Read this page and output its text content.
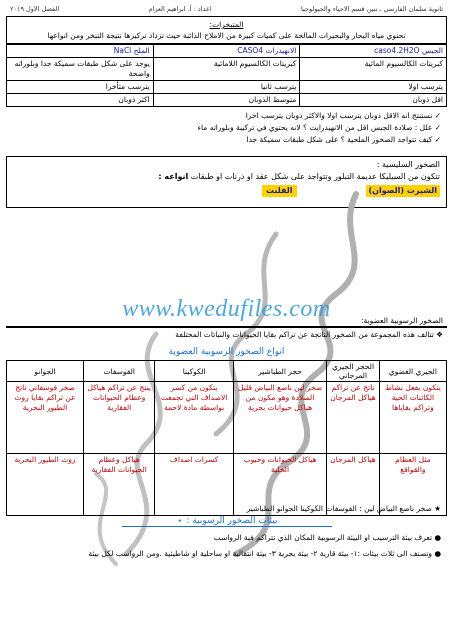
ثانوية سلمان الفارسي ـ بنين قسم الاحياء والجيولوجيا
اعداد : أ. ابراهيم العزام
الفصل الاول ٢٠١٩
المتبخرات:
تحتوي مياه البحار والبحيرات المالحة على كميات كبيرة من الاملاح الذائبة حيث تزداد تركيزها نتيجة التبخر ومن انواعها
الجبس caso4.2H2O	الانهيدرات CASO4	الملح NaCl
كبريتات الكالسيوم المائية	كبريتات الكالسيوم اللامائية	يوجد على شكل طبقات سميكة جدا وبلوراته واضحة
يترسب اولا	يترسب ثانيا	يترسب متأخرا
اقل ذوبان	متوسط الذوبان	اكثر ذوبان
✓ نستنتج انه الاقل ذوبان يترسب اولا والاكثر ذوبان يترسب اخرا
✓ علل : صلادة الجبس اقل من الانهيدرايت ؟ لانه يحتوي في تركيبة وبلوراته ماء
✓ كيف تتواجد الصخور الملحية ؟ على شكل طبقات سميكة جدا
الصخور السليسية :
تتكون من السيليكا عديمة التبلور وتتواجد على شكل عقد او درنات او طبقات انواعه :
الشيرت (الصوان)
الفلنت
www.kwedufiles.com	الصخور الرسوبية العضوية:
❖ تتالف هذه المجموعة من الصخور الناتجة عن تراكم بقايا الحيوانات والنباتات المختلفة
انواع الصخور الرسوبية العضوية
الجيري العضوي	الحجر الجيري المرجاني	حجر الطباشير	الكوكينا	الفوسفات	الجوانو
يتكون بفعل نشاط الكائنات الحية وتراكم بقاياها	ناتج عن تراكم هياكل المرجان	صخر لين ناصع البياض قليل الصلادة وهو مكون من هياكل حيوانات بحرية	يتكون من كسر الاصداف التي تجمعت بواسطة مادة لاحمة	ينتج عن تراكم هياكل وعظام الحيوانات الفقارية	صخر فوسفاتي ناتج عن تراكم بقايا روث الطيور البحرية
مثل العظام والقواقع	هياكل المرجان	هياكل الحيوانات وحبوب الخلية	كسرات اصداف	هياكل وعظام الحيوانات الفقارية	روث الطيور البحرية
★ صخر ناصع البياض لين : الفوسفات الكوكينا الجوانو الطباشير
بيئات الصخور الرسوبية : 🔹
● تعرف بيئة الترسيب او البيئة الرسوبية المكان الذي تتراكم فية الرواسب
● وتصنف الى ثلاث بيئات :١- بيئة قارية ٢- بيئة بحرية ٣- بيئة انتقالية او ساحلية او شاطيئية .ومن الرواسب لكل بيئة
